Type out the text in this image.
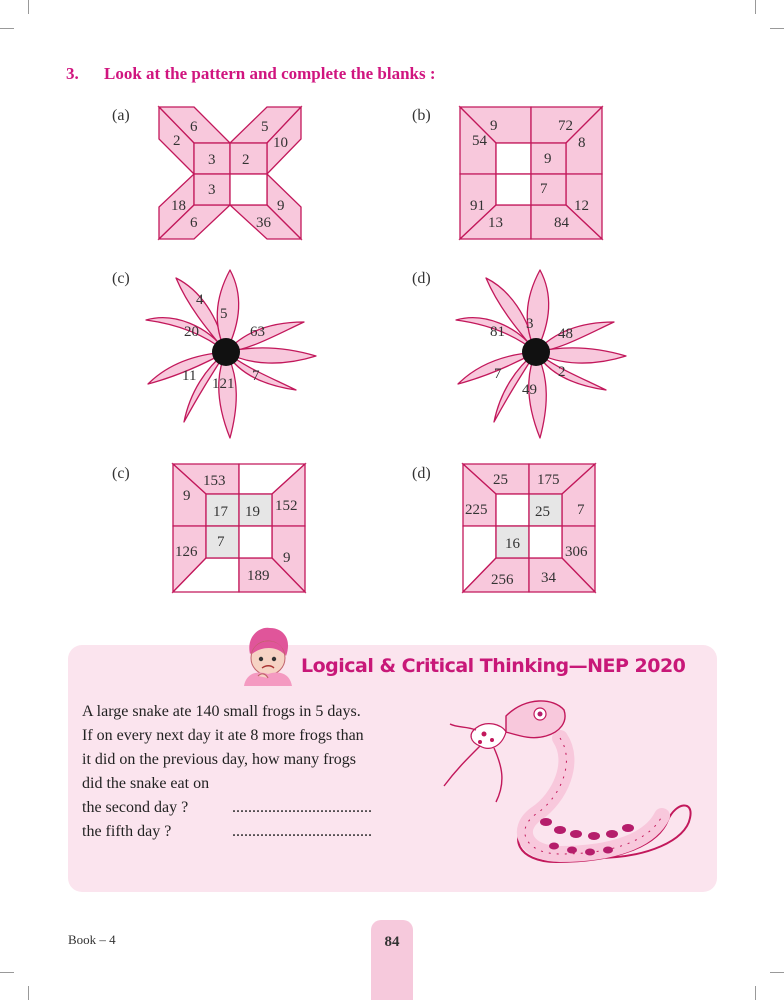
3. Look at the pattern and complete the blanks :
(a)	(b)
(c)	(d)
(c)	(d)
6	5
2	10
3 2
3
18	9
6	36
9	72
54	8
9
7
91	12
13	84
4
5
20	63
11	7
121
81 3
48
7	2
49
153
9
17 19 152
126
7
9
189
25 175
225	25 7
16	306
256 34
Logical & Critical Thinking—NEP 2020

A large snake ate 140 small frogs in 5 days.

If on every next day it ate 8 more frogs than

it did on the previous day, how many frogs

did the snake eat on

the second day ?	...................................
the fifth day ?	...................................
Book – 4	84
